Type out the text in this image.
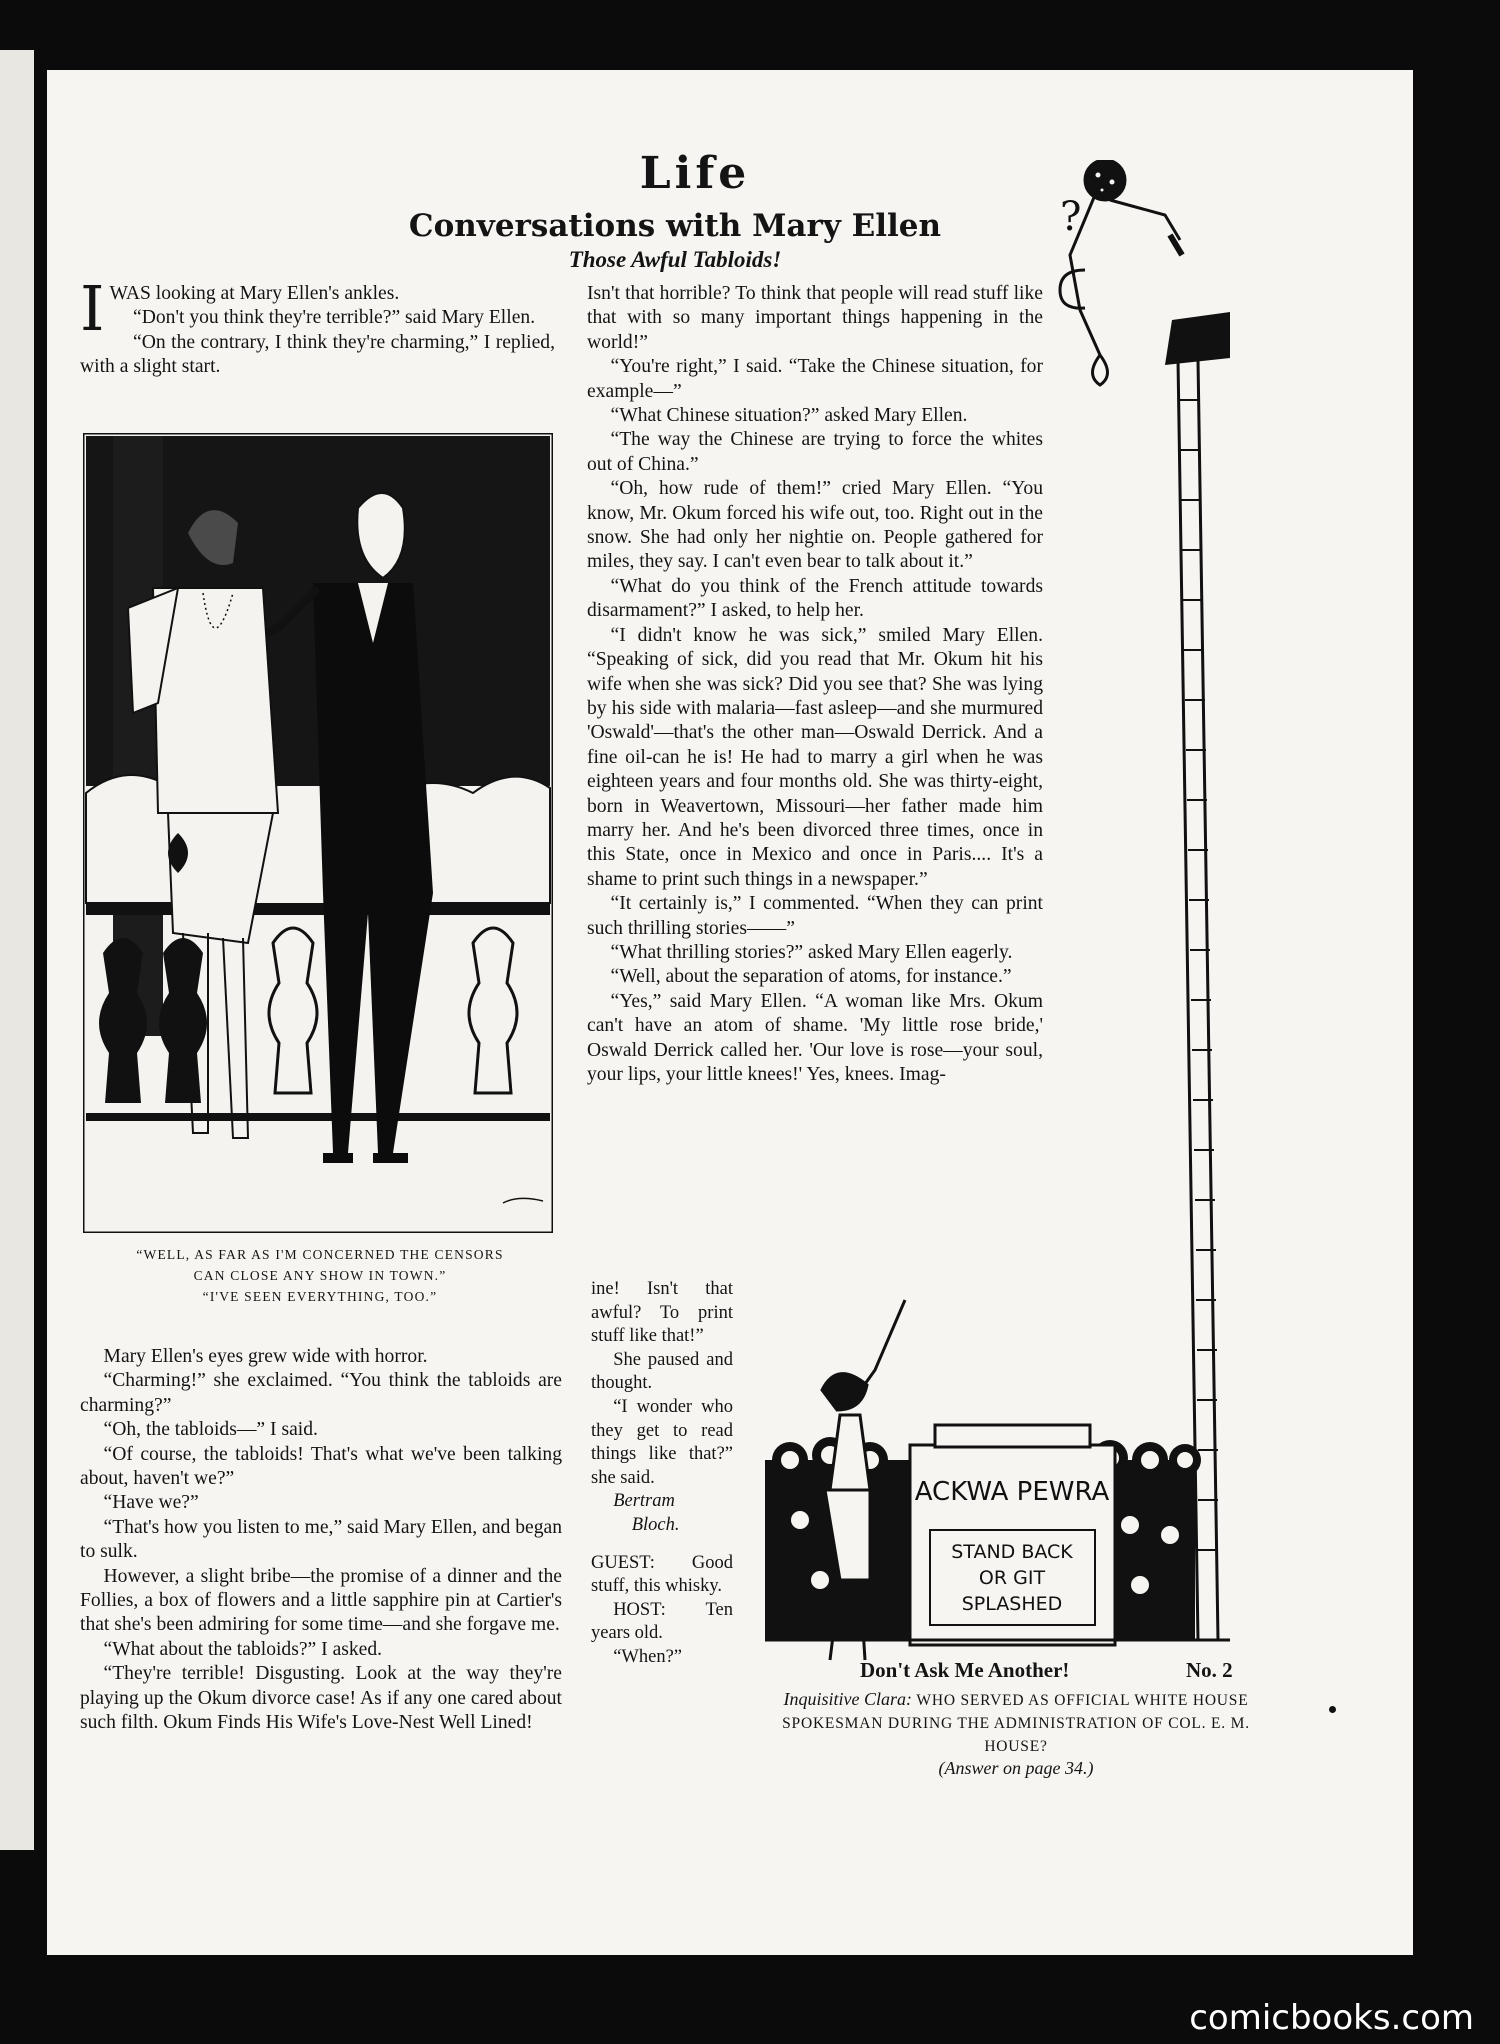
Life
Conversations with Mary Ellen
Those Awful Tabloids!

I WAS looking at Mary Ellen's ankles.

“Don't you think they're terrible?” said Mary Ellen.

“On the contrary, I think they're charming,” I replied, with a slight start.

“WELL, AS FAR AS I'M CONCERNED THE CENSORS
CAN CLOSE ANY SHOW IN TOWN.”
“I'VE SEEN EVERYTHING, TOO.”

Mary Ellen's eyes grew wide with horror.

“Charming!” she exclaimed. “You think the tabloids are charming?”

“Oh, the tabloids—” I said.

“Of course, the tabloids! That's what we've been talking about, haven't we?”

“Have we?”

“That's how you listen to me,” said Mary Ellen, and began to sulk.

However, a slight bribe—the promise of a dinner and the Follies, a box of flowers and a little sapphire pin at Cartier's that she's been admiring for some time—and she forgave me.

“What about the tabloids?” I asked.

“They're terrible! Disgusting. Look at the way they're playing up the Okum divorce case! As if any one cared about such filth. Okum Finds His Wife's Love-Nest Well Lined!

Isn't that horrible? To think that people will read stuff like that with so many important things happening in the world!”

“You're right,” I said. “Take the Chinese situation, for example—”

“What Chinese situation?” asked Mary Ellen.

“The way the Chinese are trying to force the whites out of China.”

“Oh, how rude of them!” cried Mary Ellen. “You know, Mr. Okum forced his wife out, too. Right out in the snow. She had only her nightie on. People gathered for miles, they say. I can't even bear to talk about it.”

“What do you think of the French attitude towards disarmament?” I asked, to help her.

“I didn't know he was sick,” smiled Mary Ellen. “Speaking of sick, did you read that Mr. Okum hit his wife when she was sick? Did you see that? She was lying by his side with malaria—fast asleep—and she murmured 'Oswald'—that's the other man—Oswald Derrick. And a fine oil-can he is! He had to marry a girl when he was eighteen years and four months old. She was thirty-eight, born in Weavertown, Missouri—her father made him marry her. And he's been divorced three times, once in this State, once in Mexico and once in Paris.... It's a shame to print such things in a newspaper.”

“It certainly is,” I commented. “When they can print such thrilling stories——”

“What thrilling stories?” asked Mary Ellen eagerly.

“Well, about the separation of atoms, for instance.”

“Yes,” said Mary Ellen. “A woman like Mrs. Okum can't have an atom of shame. 'My little rose bride,' Oswald Derrick called her. 'Our love is rose—your soul, your lips, your little knees!' Yes, knees. Imag-

ine! Isn't that awful? To print stuff like that!”

She paused and thought.

“I wonder who they get to read things like that?” she said.

Bertram

Bloch.

GUEST: Good stuff, this whisky.

HOST: Ten years old.

“When?”

?
ACKWA PEWRA
STAND BACK
OR GIT
SPLASHED
Don't Ask Me Another!	No. 2
Inquisitive Clara: WHO SERVED AS OFFICIAL WHITE HOUSE SPOKESMAN DURING THE ADMINISTRATION OF COL. E. M. HOUSE?
(Answer on page 34.)
comicbooks.com
